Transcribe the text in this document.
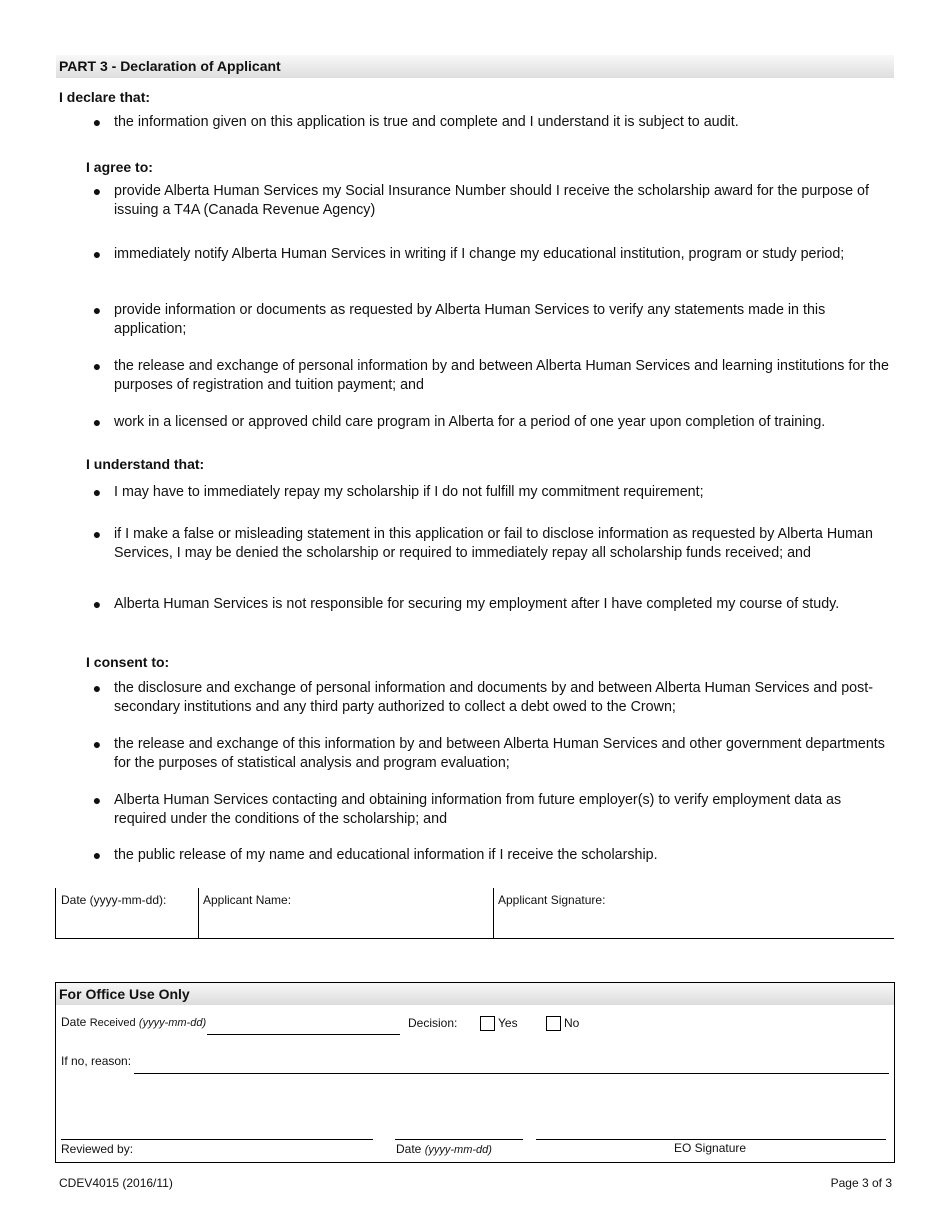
PART 3 - Declaration of Applicant
I declare that:
● the information given on this application is true and complete and I understand it is subject to audit.
I agree to:
● provide Alberta Human Services my Social Insurance Number should I receive the scholarship award for the purpose of issuing a T4A (Canada Revenue Agency)
● immediately notify Alberta Human Services in writing if I change my educational institution, program or study period;
● provide information or documents as requested by Alberta Human Services to verify any statements made in this application;
● the release and exchange of personal information by and between Alberta Human Services and learning institutions for the purposes of registration and tuition payment; and
● work in a licensed or approved child care program in Alberta for a period of one year upon completion of training.
I understand that:
● I may have to immediately repay my scholarship if I do not fulfill my commitment requirement;
● if I make a false or misleading statement in this application or fail to disclose information as requested by Alberta Human Services, I may be denied the scholarship or required to immediately repay all scholarship funds received; and
● Alberta Human Services is not responsible for securing my employment after I have completed my course of study.
I consent to:
● the disclosure and exchange of personal information and documents by and between Alberta Human Services and post-secondary institutions and any third party authorized to collect a debt owed to the Crown;
● the release and exchange of this information by and between Alberta Human Services and other government departments for the purposes of statistical analysis and program evaluation;
● Alberta Human Services contacting and obtaining information from future employer(s) to verify employment data as required under the conditions of the scholarship; and
● the public release of my name and educational information if I receive the scholarship.
Date (yyyy-mm-dd):	Applicant Name:	Applicant Signature:
For Office Use Only
Date Received (yyyy-mm-dd)	Decision:	Yes	No
If no, reason:
Reviewed by:	Date (yyyy-mm-dd)	EO Signature
CDEV4015 (2016/11)	Page 3 of 3
